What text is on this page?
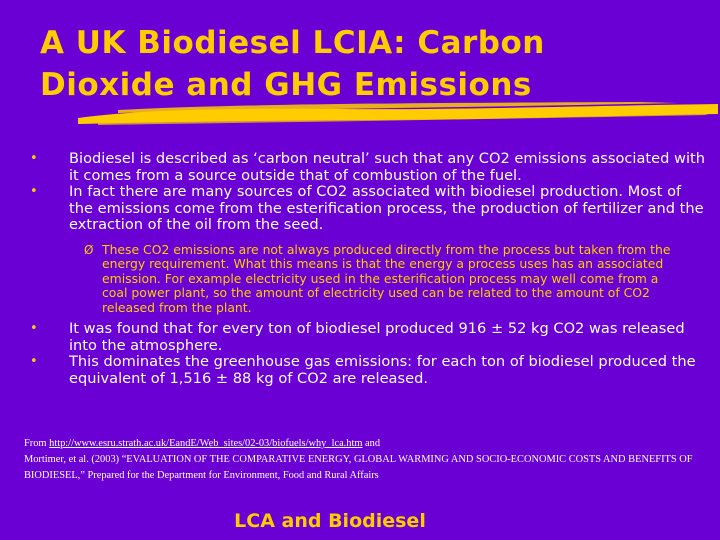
A UK Biodiesel LCIA: Carbon
Dioxide and GHG Emissions
• Biodiesel is described as ‘carbon neutral’ such that any CO2 emissions associated with it comes from a source outside that of combustion of the fuel.
• In fact there are many sources of CO2 associated with biodiesel production. Most of the emissions come from the esterification process, the production of fertilizer and the extraction of the oil from the seed.
Ø These CO2 emissions are not always produced directly from the process but taken from the energy requirement. What this means is that the energy a process uses has an associated emission. For example electricity used in the esterification process may well come from a coal power plant, so the amount of electricity used can be related to the amount of CO2 released from the plant.
• It was found that for every ton of biodiesel produced 916 ± 52 kg CO2 was released into the atmosphere.
• This dominates the greenhouse gas emissions: for each ton of biodiesel produced the equivalent of 1,516 ± 88 kg of CO2 are released.
From http://www.esru.strath.ac.uk/EandE/Web_sites/02-03/biofuels/why_lca.htm and
Mortimer, et al. (2003) “EVALUATION OF THE COMPARATIVE ENERGY, GLOBAL WARMING AND SOCIO-ECONOMIC COSTS AND BENEFITS OF BIODIESEL,” Prepared for the Department for Environment, Food and Rural Affairs
LCA and Biodiesel
